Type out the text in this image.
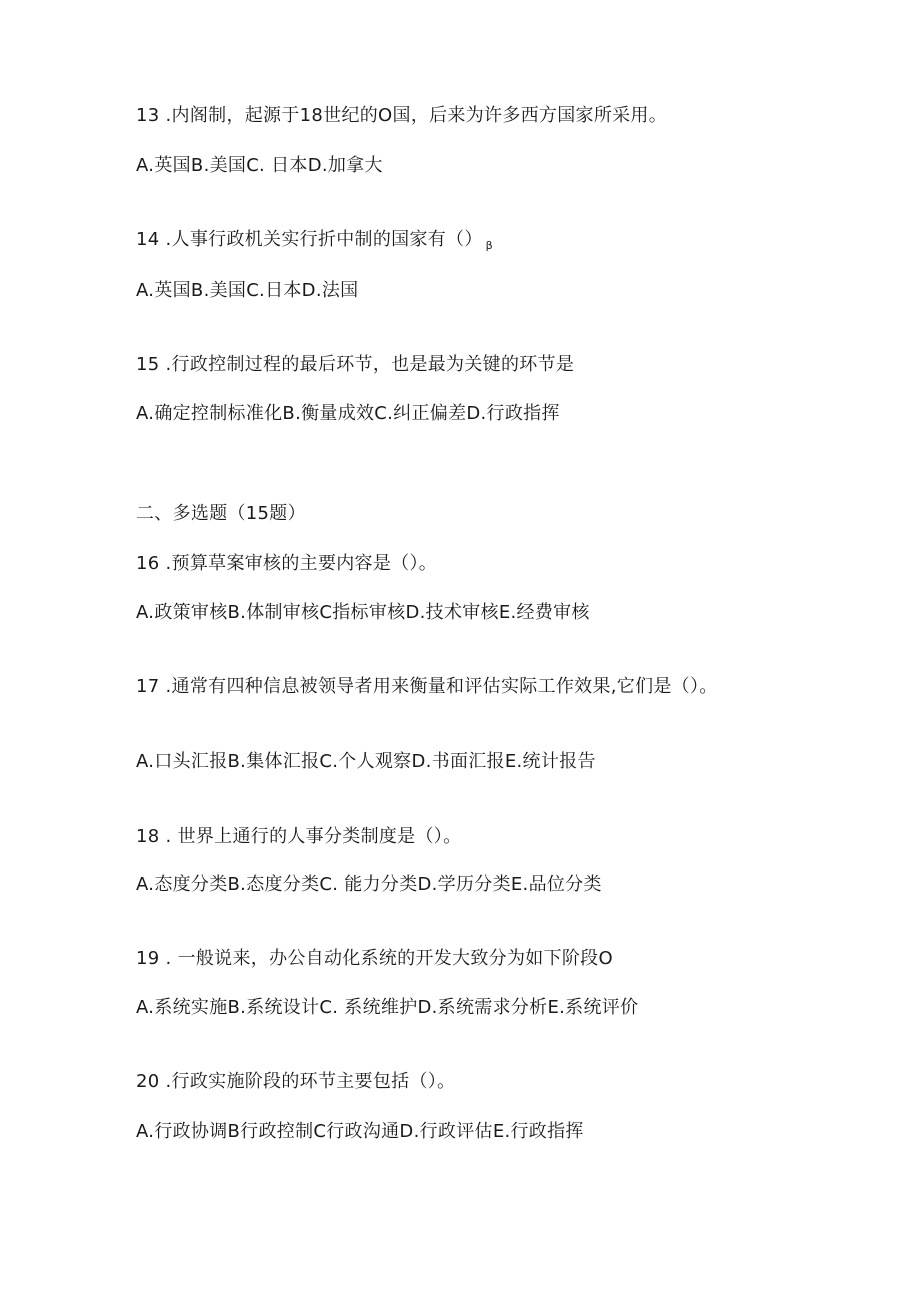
13 .内阁制，起源于18世纪的O国，后来为许多西方国家所采用。
A.英国B.美国C. 日本D.加拿大
14 .人事行政机关实行折中制的国家有（） $_\beta$
A.英国B.美国C.日本D.法国
15 .行政控制过程的最后环节，也是最为关键的环节是
A.确定控制标准化B.衡量成效C.纠正偏差D.行政指挥
二、多选题（15题）
16 .预算草案审核的主要内容是（）。
A.政策审核B.体制审核C指标审核D.技术审核E.经费审核
17 .通常有四种信息被领导者用来衡量和评估实际工作效果,它们是（）。
A.口头汇报B.集体汇报C.个人观察D.书面汇报E.统计报告
18 . 世界上通行的人事分类制度是（）。
A.态度分类B.态度分类C. 能力分类D.学历分类E.品位分类
19 . 一般说来，办公自动化系统的开发大致分为如下阶段O
A.系统实施B.系统设计C. 系统维护D.系统需求分析E.系统评价
20 .行政实施阶段的环节主要包括（）。
A.行政协调B行政控制C行政沟通D.行政评估E.行政指挥
